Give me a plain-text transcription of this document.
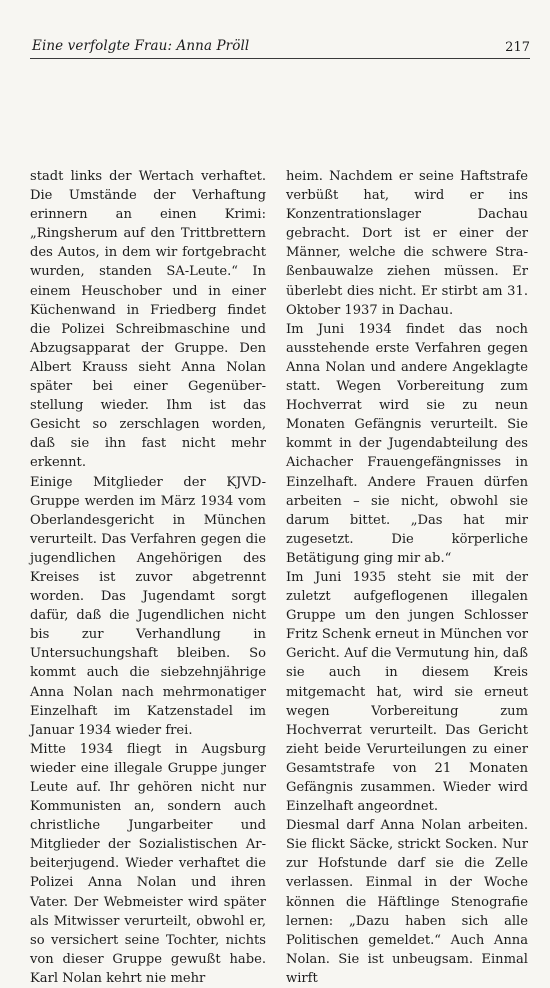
Eine verfolgte Frau: Anna Pröll	217

stadt links der Wertach verhaftet. Die Umstände der Verhaftung erinnern an einen Krimi: „Ringsherum auf den Trittbrettern des Autos, in dem wir fortgebracht wurden, standen SA-Leute.“ In einem Heuschober und in einer Küchenwand in Friedberg findet die Polizei Schreibmaschine und Abzugsapparat der Gruppe. Den Albert Krauss sieht Anna Nolan später bei einer Gegenüberstellung wieder. Ihm ist das Gesicht so zerschlagen worden, daß sie ihn fast nicht mehr erkennt.

Einige Mitglieder der KJVD-Gruppe werden im März 1934 vom Oberlandesgericht in München verurteilt. Das Verfahren gegen die jugendlichen Angehörigen des Kreises ist zuvor abgetrennt worden. Das Jugendamt sorgt dafür, daß die Jugendlichen nicht bis zur Verhandlung in Untersuchungshaft bleiben. So kommt auch die siebzehnjährige Anna Nolan nach mehrmonatiger Einzelhaft im Katzenstadel im Januar 1934 wieder frei.

Mitte 1934 fliegt in Augsburg wieder eine illegale Gruppe junger Leute auf. Ihr gehören nicht nur Kommunisten an, sondern auch christliche Jungarbeiter und Mitglieder der Sozialistischen Arbeiterjugend. Wieder verhaftet die Polizei Anna Nolan und ihren Vater. Der Webmeister wird später als Mitwisser verurteilt, obwohl er, so versichert seine Tochter, nichts von dieser Gruppe gewußt habe. Karl Nolan kehrt nie mehr

heim. Nachdem er seine Haftstrafe verbüßt hat, wird er ins Konzentrationslager Dachau gebracht. Dort ist er einer der Männer, welche die schwere Straßenbauwalze ziehen müssen. Er überlebt dies nicht. Er stirbt am 31. Oktober 1937 in Dachau.

Im Juni 1934 findet das noch ausstehende erste Verfahren gegen Anna Nolan und andere Angeklagte statt. Wegen Vorbereitung zum Hochverrat wird sie zu neun Monaten Gefängnis verurteilt. Sie kommt in der Jugendabteilung des Aichacher Frauengefängnisses in Einzelhaft. Andere Frauen dürfen arbeiten – sie nicht, obwohl sie darum bittet. „Das hat mir zugesetzt. Die körperliche Betätigung ging mir ab.“

Im Juni 1935 steht sie mit der zuletzt aufgeflogenen illegalen Gruppe um den jungen Schlosser Fritz Schenk erneut in München vor Gericht. Auf die Vermutung hin, daß sie auch in diesem Kreis mitgemacht hat, wird sie erneut wegen Vorbereitung zum Hochverrat verurteilt. Das Gericht zieht beide Verurteilungen zu einer Gesamtstrafe von 21 Monaten Gefängnis zusammen. Wieder wird Einzelhaft angeordnet.

Diesmal darf Anna Nolan arbeiten. Sie flickt Säcke, strickt Socken. Nur zur Hofstunde darf sie die Zelle verlassen. Einmal in der Woche können die Häftlinge Stenografie lernen: „Dazu haben sich alle Politischen gemeldet.“ Auch Anna Nolan. Sie ist unbeugsam. Einmal wirft
